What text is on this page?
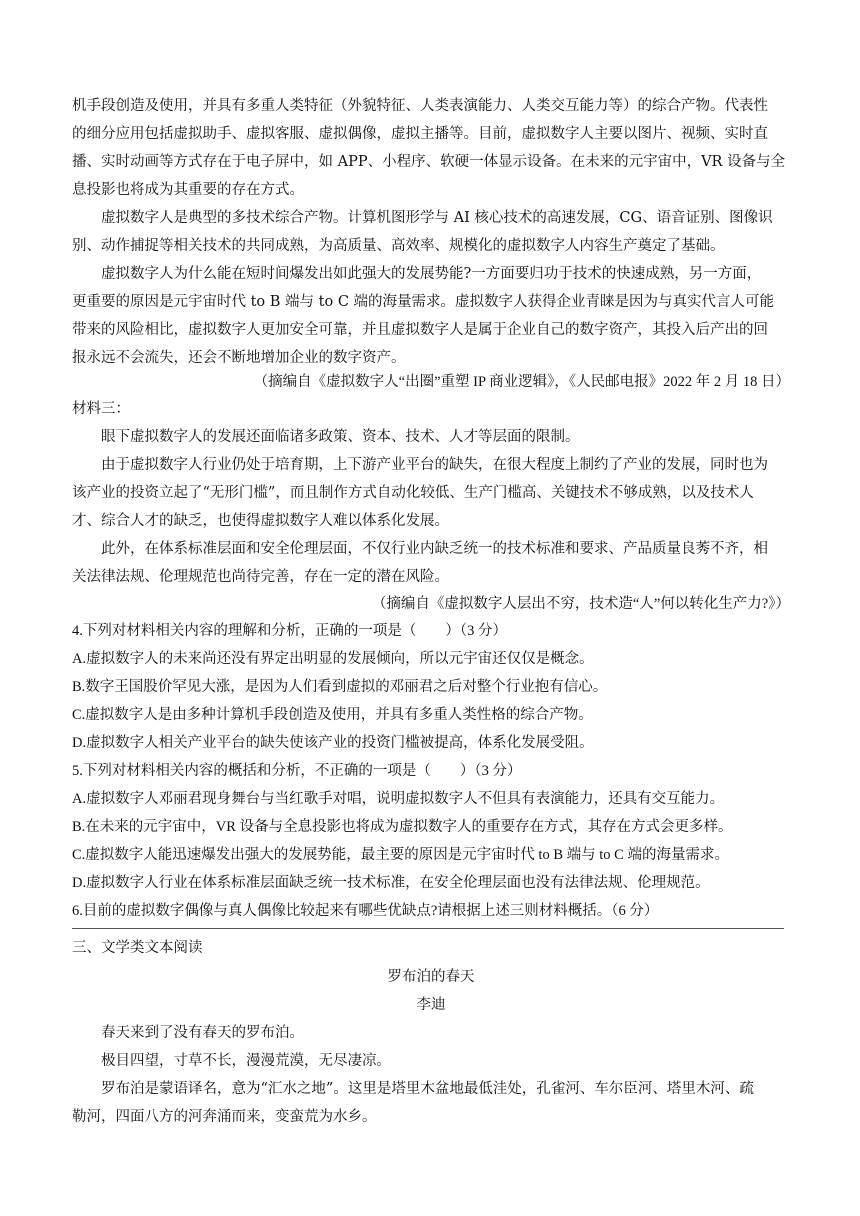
机手段创造及使用，并具有多重人类特征（外貌特征、人类表演能力、人类交互能力等）的综合产物。代表性
的细分应用包括虚拟助手、虚拟客服、虚拟偶像，虚拟主播等。目前，虚拟数字人主要以图片、视频、实时直
播、实时动画等方式存在于电子屏中，如 APP、小程序、软硬一体显示设备。在未来的元宇宙中，VR 设备与全
息投影也将成为其重要的存在方式。
虚拟数字人是典型的多技术综合产物。计算机图形学与 AI 核心技术的高速发展，CG、语音证别、图像识
别、动作捕捉等相关技术的共同成熟，为高质量、高效率、规模化的虚拟数字人内容生产奠定了基础。
虚拟数字人为什么能在短时间爆发出如此强大的发展势能?一方面要归功于技术的快速成熟，另一方面，
更重要的原因是元宇宙时代 to B 端与 to C 端的海量需求。虚拟数字人获得企业青睐是因为与真实代言人可能
带来的风险相比，虚拟数字人更加安全可靠，并且虚拟数字人是属于企业自己的数字资产，其投入后产出的回
报永远不会流失，还会不断地增加企业的数字资产。
（摘编自《虚拟数字人“出圈”重塑 IP 商业逻辑》，《人民邮电报》2022 年 2 月 18 日）
材料三：
眼下虚拟数字人的发展还面临诸多政策、资本、技术、人才等层面的限制。
由于虚拟数字人行业仍处于培育期，上下游产业平台的缺失，在很大程度上制约了产业的发展，同时也为
该产业的投资立起了“无形门槛”，而且制作方式自动化较低、生产门槛高、关键技术不够成熟，以及技术人
才、综合人才的缺乏，也使得虚拟数字人难以体系化发展。
此外，在体系标准层面和安全伦理层面，不仅行业内缺乏统一的技术标准和要求、产品质量良莠不齐，相
关法律法规、伦理规范也尚待完善，存在一定的潜在风险。
（摘编自《虚拟数字人层出不穷，技术造“人”何以转化生产力?》）
4.下列对材料相关内容的理解和分析，正确的一项是（　　）（3 分）
A.虚拟数字人的未来尚还没有界定出明显的发展倾向，所以元宇宙还仅仅是概念。
B.数字王国股价罕见大涨，是因为人们看到虚拟的邓丽君之后对整个行业抱有信心。
C.虚拟数字人是由多种计算机手段创造及使用，并具有多重人类性格的综合产物。
D.虚拟数字人相关产业平台的缺失使该产业的投资门槛被提高，体系化发展受阻。
5.下列对材料相关内容的概括和分析，不正确的一项是（　　）（3 分）
A.虚拟数字人邓丽君现身舞台与当红歌手对唱，说明虚拟数字人不但具有表演能力，还具有交互能力。
B.在未来的元宇宙中，VR 设备与全息投影也将成为虚拟数字人的重要存在方式，其存在方式会更多样。
C.虚拟数字人能迅速爆发出强大的发展势能，最主要的原因是元宇宙时代 to B 端与 to C 端的海量需求。
D.虚拟数字人行业在体系标准层面缺乏统一技术标准，在安全伦理层面也没有法律法规、伦理规范。
6.目前的虚拟数字偶像与真人偶像比较起来有哪些优缺点?请根据上述三则材料概括。（6 分）
三、文学类文本阅读
罗布泊的春天
李迪
春天来到了没有春天的罗布泊。
极目四望，寸草不长，漫漫荒漠，无尽凄凉。
罗布泊是蒙语译名，意为“汇水之地”。这里是塔里木盆地最低洼处，孔雀河、车尔臣河、塔里木河、疏
勒河，四面八方的河奔涌而来，变蛮荒为水乡。
